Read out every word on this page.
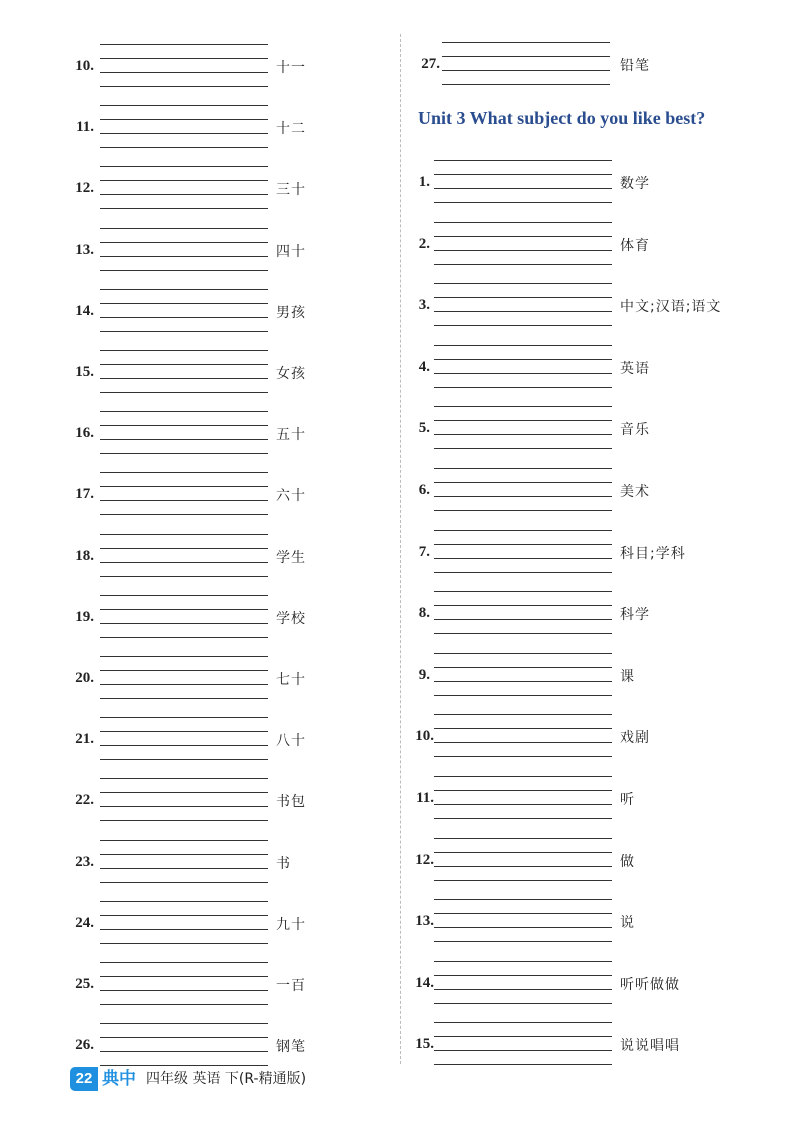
10.	十一
11.	十二
12.	三十
13.	四十
14.	男孩
15.	女孩
16.	五十
17.	六十
18.	学生
19.	学校
20.	七十
21.	八十
22.	书包
23.	书
24.	九十
25.	一百
26.	钢笔
27.	铅笔
1.	数学
2.	体育
3.	中文;汉语;语文
4.	英语
5.	音乐
6.	美术
7.	科目;学科
8.	科学
9.	课
10.	戏剧
11.	听
12.	做
13.	说
14.	听听做做
15.	说说唱唱
Unit 3 What subject do you like best?
22 典中 四年级 英语 下(R-精通版)
